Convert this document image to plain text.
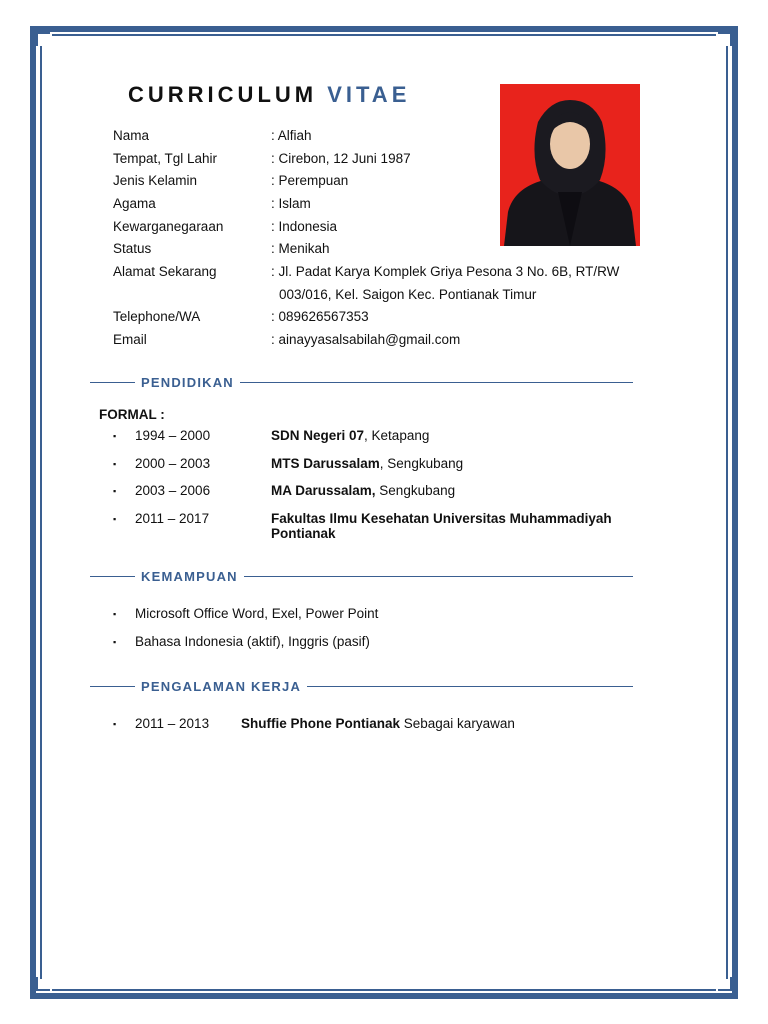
CURRICULUM VITAE
Nama	: Alfiah
Tempat, Tgl Lahir	: Cirebon, 12 Juni 1987
Jenis Kelamin	: Perempuan
Agama	: Islam
Kewarganegaraan	: Indonesia
Status	: Menikah
Alamat Sekarang	: Jl. Padat Karya Komplek Griya Pesona 3 No. 6B, RT/RW
003/016, Kel. Saigon Kec. Pontianak Timur
Telephone/WA	: 089626567353
Email	: ainayyasalsabilah@gmail.com
PENDIDIKAN
FORMAL :
▪	1994 – 2000	SDN Negeri 07, Ketapang
▪	2000 – 2003	MTS Darussalam, Sengkubang
▪	2003 – 2006	MA Darussalam, Sengkubang
▪	2011 – 2017	Fakultas Ilmu Kesehatan Universitas Muhammadiyah Pontianak
KEMAMPUAN
▪	Microsoft Office Word, Exel, Power Point
▪	Bahasa Indonesia (aktif), Inggris (pasif)
PENGALAMAN KERJA
▪	2011 – 2013	Shuffie Phone Pontianak Sebagai karyawan
